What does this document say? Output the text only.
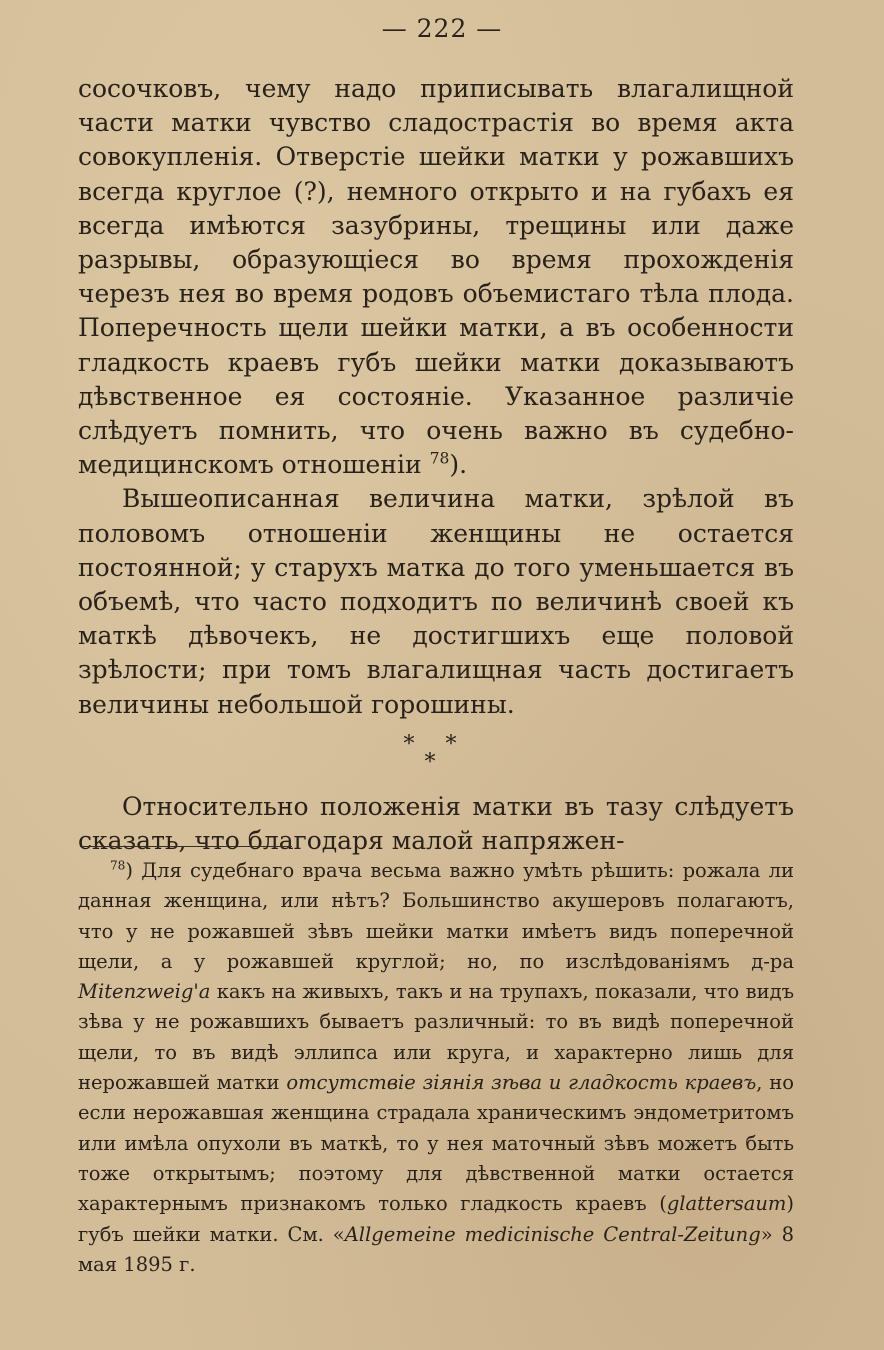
— 222 —

сосочковъ, чему надо приписывать влагалищной части матки чувство сладострастія во время акта совокупленія. Отверстіе шейки матки у рожавшихъ всегда круглое (?), немного открыто и на губахъ ея всегда имѣются зазубрины, трещины или даже разрывы, образующіеся во время прохожденія черезъ нея во время родовъ объемистаго тѣла плода. Поперечность щели шейки матки, а въ особенности гладкость краевъ губъ шейки матки доказываютъ дѣвственное ея состояніе. Указанное различіе слѣдуетъ помнить, что очень важно въ судебно-медицинскомъ отношеніи $^{78}$).

Вышеописанная величина матки, зрѣлой въ половомъ отношеніи женщины не остается постоянной; у старухъ матка до того уменьшается въ объемѣ, что часто подходитъ по величинѣ своей къ маткѣ дѣвочекъ, не достигшихъ еще половой зрѣлости; при томъ влагалищная часть достигаетъ величины небольшой горошины.

* *
*

Относительно положенія матки въ тазу слѣдуетъ сказать, что благодаря малой напряжен-

$^{78}$) Для судебнаго врача весьма важно умѣть рѣшить: рожала ли данная женщина, или нѣтъ? Большинство акушеровъ полагаютъ, что у не рожавшей зѣвъ шейки матки имѣетъ видъ поперечной щели, а у рожавшей круглой; но, по изслѣдованіямъ д-ра Mitenzweig'a какъ на живыхъ, такъ и на трупахъ, показали, что видъ зѣва у не рожавшихъ бываетъ различный: то въ видѣ поперечной щели, то въ видѣ эллипса или круга, и характерно лишь для нерожавшей матки отсутствіе зіянія зѣва и гладкость краевъ, но если нерожавшая женщина страдала храническимъ эндометритомъ или имѣла опухоли въ маткѣ, то у нея маточный зѣвъ можетъ быть тоже открытымъ; поэтому для дѣвственной матки остается характернымъ признакомъ только гладкость краевъ (glattersaum) губъ шейки матки. См. «Allgemeine medicinische Central-Zeitung» 8 мая 1895 г.
